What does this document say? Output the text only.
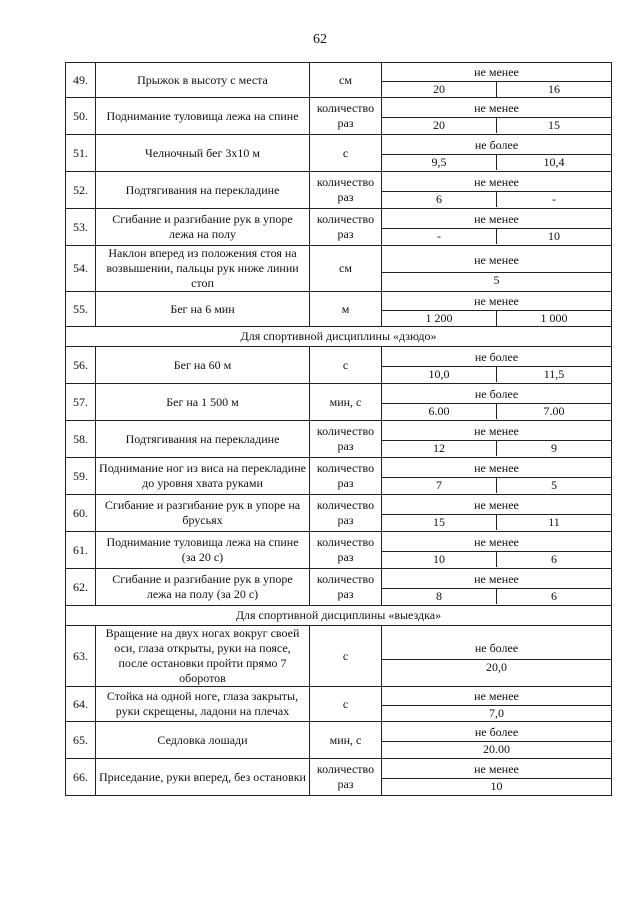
62
49.	Прыжок в высоту с места	см	
не менее
20	16

50.	Поднимание туловища лежа на спине	количество раз	
не менее
20	15

51.	Челночный бег 3х10 м	с	
не более
9,5	10,4

52.	Подтягивания на перекладине	количество раз	
не менее
6	-

53.	Сгибание и разгибание рук в упоре лежа на полу	количество раз	
не менее
-	10

54.	Наклон вперед из положения стоя на возвышении, пальцы рук ниже линии стоп	см	
не менее
5

55.	Бег на 6 мин	м	
не менее
1 200	1 000

Для спортивной дисциплины «дзюдо»
56.	Бег на 60 м	с	
не более
10,0	11,5

57.	Бег на 1 500 м	мин, с	
не более
6.00	7.00

58.	Подтягивания на перекладине	количество раз	
не менее
12	9

59.	Поднимание ног из виса на перекладине до уровня хвата руками	количество раз	
не менее
7	5

60.	Сгибание и разгибание рук в упоре на брусьях	количество раз	
не менее
15	11

61.	Поднимание туловища лежа на спине (за 20 с)	количество раз	
не менее
10	6

62.	Сгибание и разгибание рук в упоре лежа на полу (за 20 с)	количество раз	
не менее
8	6

Для спортивной дисциплины «выездка»
63.	Вращение на двух ногах вокруг своей оси, глаза открыты, руки на поясе, после остановки пройти прямо 7 оборотов	с	
не более
20,0

64.	Стойка на одной ноге, глаза закрыты, руки скрещены, ладони на плечах	с	
не менее
7,0

65.	Седловка лошади	мин, с	
не более
20.00

66.	Приседание, руки вперед, без остановки	количество раз	
не менее
10
